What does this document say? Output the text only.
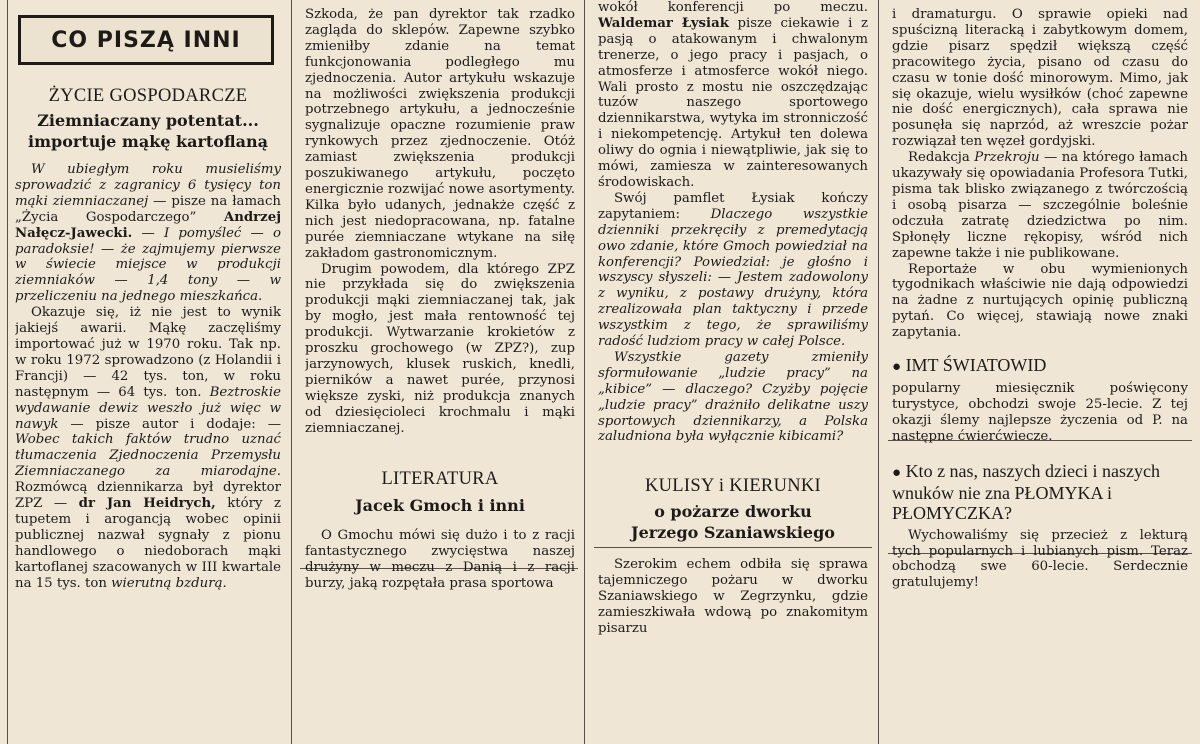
CO PISZĄ INNI
ŻYCIE GOSPODARCZE
Ziemniaczany potentat...
importuje mąkę kartoflaną

W ubiegłym roku musieliśmy sprowadzić z zagranicy 6 tysięcy ton mąki ziemniaczanej — pisze na łamach „Życia Gospodarczego” Andrzej Nałęcz-Jawecki. — I pomyśleć — o paradoksie! — że zajmujemy pierwsze w świecie miejsce w produkcji ziemniaków — 1,4 tony — w przeliczeniu na jednego mieszkańca.

Okazuje się, iż nie jest to wynik jakiejś awarii. Mąkę zaczęliśmy importować już w 1970 roku. Tak np. w roku 1972 sprowadzono (z Holandii i Francji) — 42 tys. ton, w roku następnym — 64 tys. ton. Beztroskie wydawanie dewiz weszło już więc w nawyk — pisze autor i dodaje: — Wobec takich faktów trudno uznać tłumaczenia Zjednoczenia Przemysłu Ziemniaczanego za miarodajne. Rozmówcą dziennikarza był dyrektor ZPZ — dr Jan Heidrych, który z tupetem i arogancją wobec opinii publicznej nazwał sygnały z pionu handlowego o niedoborach mąki kartoflanej szacowanych w III kwartale na 15 tys. ton wierutną bzdurą.

Szkoda, że pan dyrektor tak rzadko zagląda do sklepów. Zapewne szybko zmieniłby zdanie na temat funkcjonowania podległego mu zjednoczenia. Autor artykułu wskazuje na możliwości zwiększenia produkcji potrzebnego artykułu, a jednocześnie sygnalizuje opaczne rozumienie praw rynkowych przez zjednoczenie. Otóż zamiast zwiększenia produkcji poszukiwanego artykułu, poczęto energicznie rozwijać nowe asortymenty. Kilka było udanych, jednakże część z nich jest niedopracowana, np. fatalne purée ziemniaczane wtykane na siłę zakładom gastronomicznym.

Drugim powodem, dla którego ZPZ nie przykłada się do zwiększenia produkcji mąki ziemniaczanej tak, jak by mogło, jest mała rentowność tej produkcji. Wytwarzanie krokietów z proszku grochowego (w ZPZ?), zup jarzynowych, klusek ruskich, knedli, pierników a nawet purée, przynosi większe zyski, niż produkcja znanych od dziesięcioleci krochmalu i mąki ziemniaczanej.

LITERATURA
Jacek Gmoch i inni

O Gmochu mówi się dużo i to z racji fantastycznego zwycięstwa naszej drużyny w meczu z Danią i z racji burzy, jaką rozpętała prasa sportowa

wokół konferencji po meczu. Waldemar Łysiak pisze ciekawie i z pasją o atakowanym i chwalonym trenerze, o jego pracy i pasjach, o atmosferze i atmosferce wokół niego. Wali prosto z mostu nie oszczędzając tuzów naszego sportowego dziennikarstwa, wytyka im stronniczość i niekompetencję. Artykuł ten dolewa oliwy do ognia i niewątpliwie, jak się to mówi, zamiesza w zainteresowanych środowiskach.

Swój pamflet Łysiak kończy zapytaniem: Dlaczego wszystkie dzienniki przekręciły z premedytacją owo zdanie, które Gmoch powiedział na konferencji? Powiedział: je głośno i wszyscy słyszeli: — Jestem zadowolony z wyniku, z postawy drużyny, która zrealizowała plan taktyczny i przede wszystkim z tego, że sprawiliśmy radość ludziom pracy w całej Polsce.

Wszystkie gazety zmieniły sformułowanie „ludzie pracy” na „kibice” — dlaczego? Czyżby pojęcie „ludzie pracy” drażniło delikatne uszy sportowych dziennikarzy, a Polska zaludniona była wyłącznie kibicami?

KULISY i KIERUNKI
o pożarze dworku
Jerzego Szaniawskiego

Szerokim echem odbiła się sprawa tajemniczego pożaru w dworku Szaniawskiego w Zegrzynku, gdzie zamieszkiwała wdową po znakomitym pisarzu

i dramaturgu. O sprawie opieki nad spuścizną literacką i zabytkowym domem, gdzie pisarz spędził większą część pracowitego życia, pisano od czasu do czasu w tonie dość minorowym. Mimo, jak się okazuje, wielu wysiłków (choć zapewne nie dość energicznych), cała sprawa nie posunęła się naprzód, aż wreszcie pożar rozwiązał ten węzeł gordyjski.

Redakcja Przekroju — na którego łamach ukazywały się opowiadania Profesora Tutki, pisma tak blisko związanego z twórczością i osobą pisarza — szczególnie boleśnie odczuła zatratę dziedzictwa po nim. Spłonęły liczne rękopisy, wśród nich zapewne także i nie publikowane.

Reportaże w obu wymienionych tygodnikach właściwie nie dają odpowiedzi na żadne z nurtujących opinię publiczną pytań. Co więcej, stawiają nowe znaki zapytania.

● IMT ŚWIATOWID

popularny miesięcznik poświęcony turystyce, obchodzi swoje 25-lecie. Z tej okazji ślemy najlepsze życzenia od P. na następne ćwierćwiecze.

● Kto z nas, naszych dzieci i naszych wnuków nie zna PŁOMYKA i PŁOMYCZKA?

Wychowaliśmy się przecież z lekturą tych popularnych i lubianych pism. Teraz obchodzą swe 60-lecie. Serdecznie gratulujemy!
